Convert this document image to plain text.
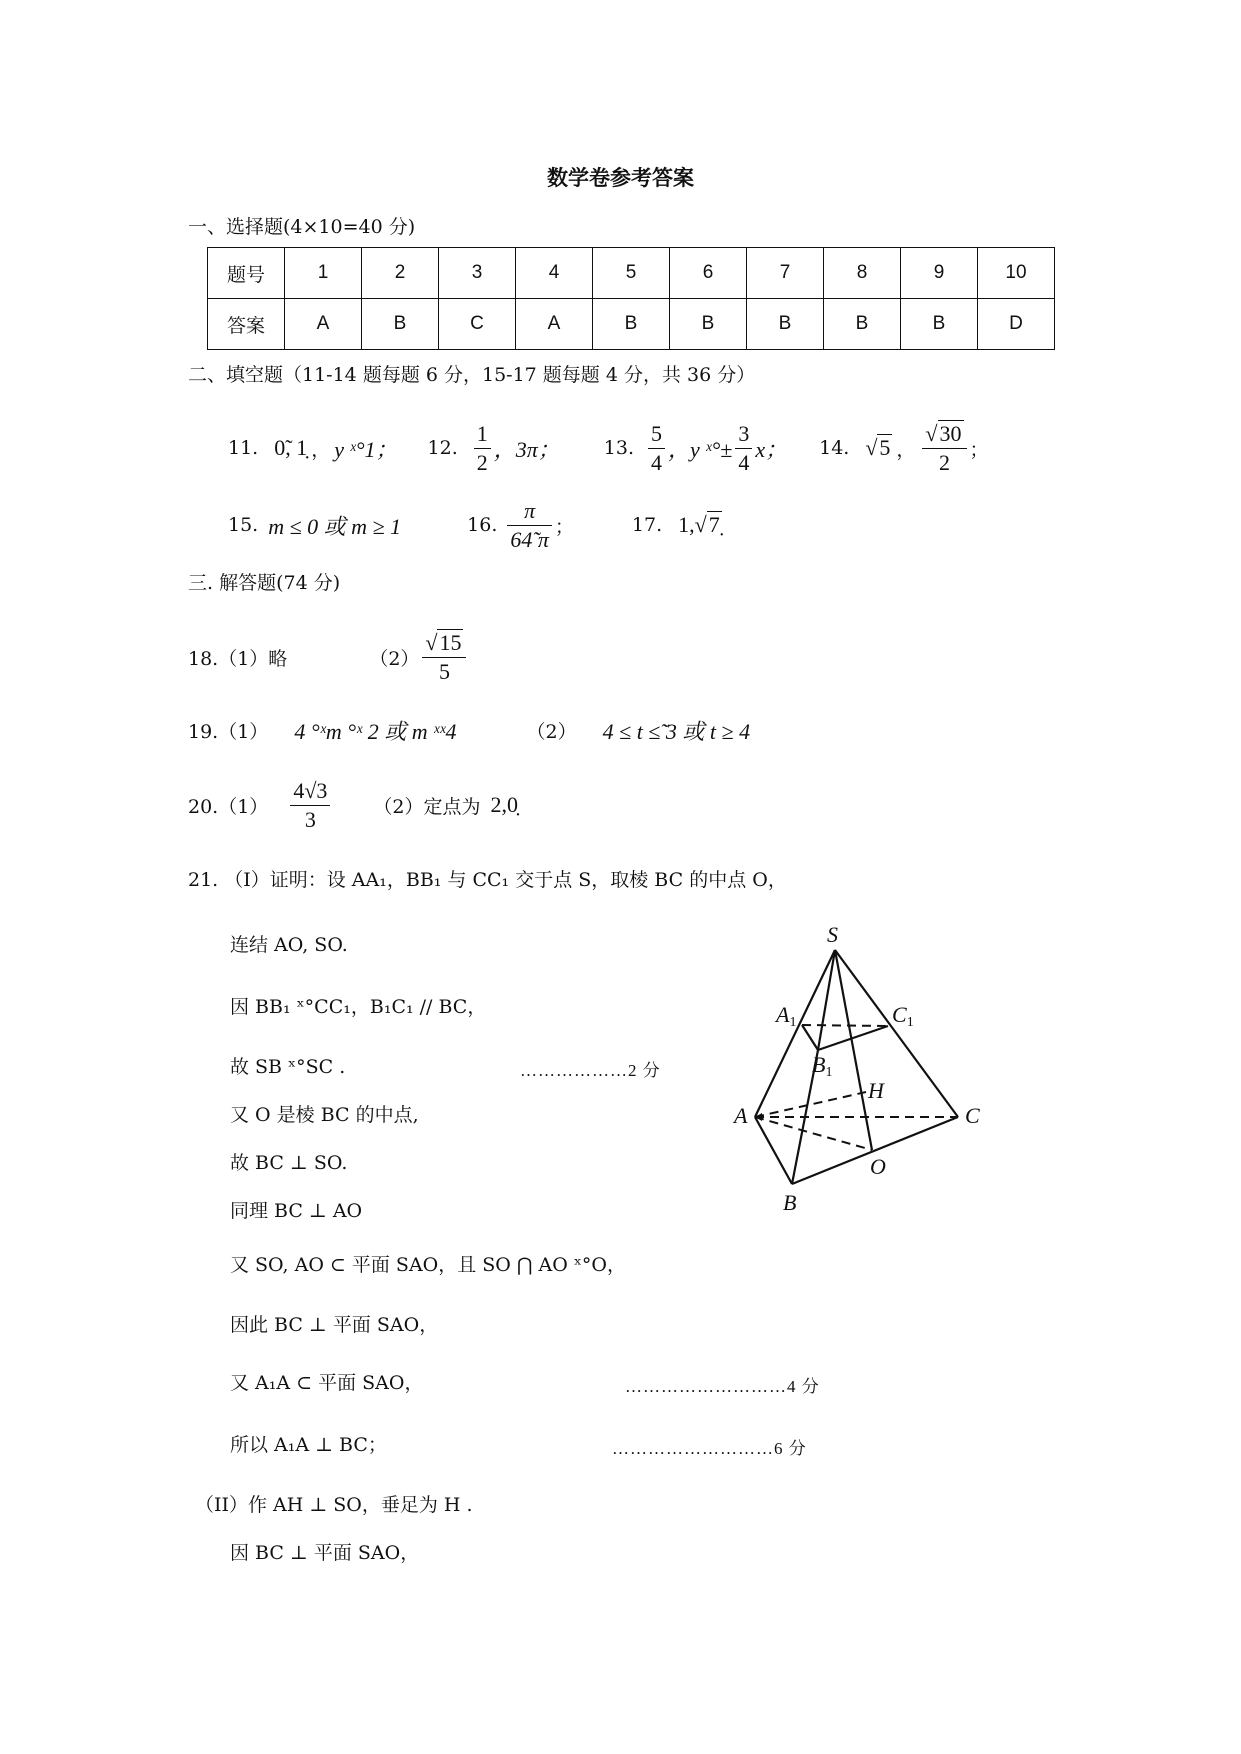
数学卷参考答案
一、选择题(4×10=40 分)
题号	1	2	3	4	5	6	7	8	9	10
答案	A	B	C	A	B	B	B	B	B	D
二、填空题（11-14 题每题 6 分，15-17 题每题 4 分，共 36 分）
11. 0̃, 1̣ ， y ˣ°1； 12. $\frac{1}{2}$ ，3π； 13. $\frac{5}{4}$ ，y ˣ°± $\frac{3}{4}$ x； 14. √5 ， $\frac{√30}{2}$ ；
15. m ≤ 0 或 m ≥ 1	16. $\frac{\pi}{64̃ \pi}$ ；	17. 1, √7
三. 解答题(74 分)
18.（1）略	$(2) \frac{√15}{5}$
19.（1） 4 °ˣm °ˣ 2 或 m ˣˣ4	（2） 4 ≤ t ≤̃ 3 或 t ≥ 4
$20.(1) \frac{4√3}{3} (2)$定点为 2,0̣
21. （I）证明：设 AA₁，BB₁ 与 CC₁ 交于点 S，取棱 BC 的中点 O，
连结 AO, SO.
因 BB₁ ˣ°CC₁，B₁C₁ // BC，
故 SB ˣ°SC .	………………2 分
又 O 是棱 BC 的中点,
故 BC ⊥ SO.
同理 BC ⊥ AO
又 SO, AO ⊂ 平面 SAO，且 SO ⋂ AO ˣ°O，
因此 BC ⊥ 平面 SAO，
又 A₁A ⊂ 平面 SAO，	………………………4 分
所以 A₁A ⊥ BC；	………………………6 分
（II）作 AH ⊥ SO，垂足为 H .
因 BC ⊥ 平面 SAO，
S
A1	C1
B1
H
A	C
O
B
